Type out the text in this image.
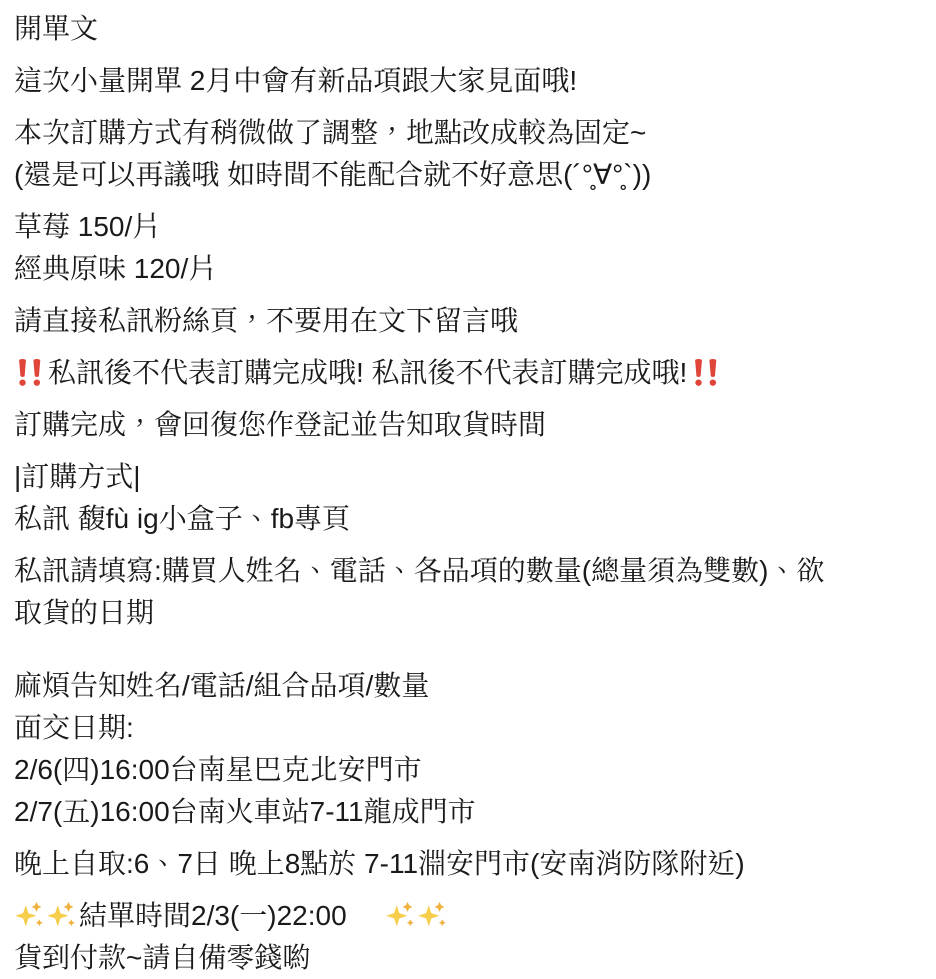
開單文

這次小量開單 2月中會有新品項跟大家見面哦!

本次訂購方式有稍微做了調整，地點改成較為固定~

(還是可以再議哦 如時間不能配合就不好意思(´°̥∀°̥`))

草莓 150/片

經典原味 120/片

請直接私訊粉絲頁，不要用在文下留言哦

私訊後不代表訂購完成哦! 私訊後不代表訂購完成哦!

訂購完成，會回復您作登記並告知取貨時間

|訂購方式|

私訊 馥fù ig小盒子、fb專頁

私訊請填寫:購買人姓名、電話、各品項的數量(總量須為雙數)、欲

取貨的日期

麻煩告知姓名/電話/組合品項/數量

面交日期:

2/6(四)16:00台南星巴克北安門市

2/7(五)16:00台南火車站7-11龍成門市

晚上自取:6、7日 晚上8點於 7-11淵安門市(安南消防隊附近)

結單時間2/3(一)22:00

貨到付款~請自備零錢喲
